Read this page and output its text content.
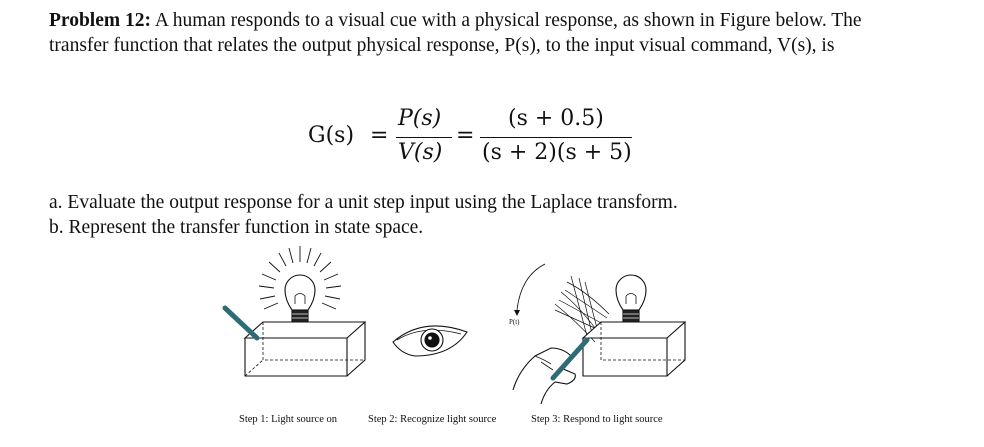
Problem 12: A human responds to a visual cue with a physical response, as shown in Figure below. The transfer function that relates the output physical response, P(s), to the input visual command, V(s), is
G(s) =
P(s)
V(s)
=
(s + 0.5)
(s + 2)(s + 5)
a. Evaluate the output response for a unit step input using the Laplace transform.
b. Represent the transfer function in state space.
P(t)
Step 1: Light source on	Step 2: Recognize light source	Step 3: Respond to light source
